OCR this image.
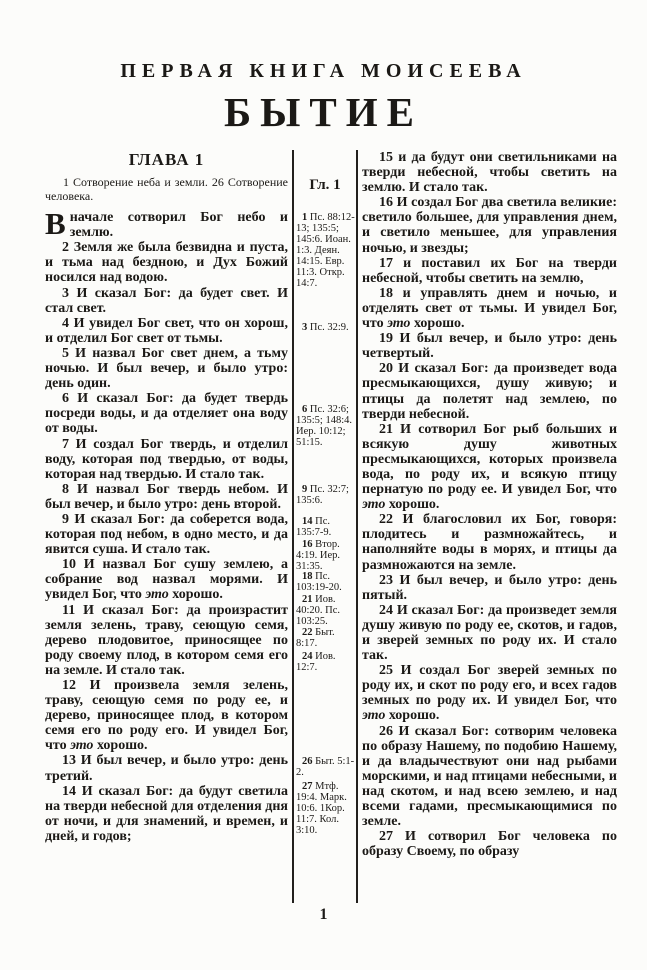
ПЕРВАЯ КНИГА МОИСЕЕВА
БЫТИЕ
ГЛАВА 1

1 Сотворение неба и земли. 26 Сотворение человека.

Вначале сотворил Бог небо и землю.

2 Земля же была безвидна и пуста, и тьма над бездною, и Дух Божий носился над водою.

3 И сказал Бог: да будет свет. И стал свет.

4 И увидел Бог свет, что он хорош, и отделил Бог свет от тьмы.

5 И назвал Бог свет днем, а тьму ночью. И был вечер, и было утро: день один.

6 И сказал Бог: да будет твердь посреди воды, и да отделяет она воду от воды.

7 И создал Бог твердь, и отделил воду, которая под твердью, от воды, которая над твердью. И стало так.

8 И назвал Бог твердь небом. И был вечер, и было утро: день второй.

9 И сказал Бог: да соберется вода, которая под небом, в одно место, и да явится суша. И стало так.

10 И назвал Бог сушу землею, а собрание вод назвал морями. И увидел Бог, что это хорошо.

11 И сказал Бог: да произрастит земля зелень, траву, сеющую семя, дерево плодовитое, приносящее по роду своему плод, в котором семя его на земле. И стало так.

12 И произвела земля зелень, траву, сеющую семя по роду ее, и дерево, приносящее плод, в котором семя его по роду его. И увидел Бог, что это хорошо.

13 И был вечер, и было утро: день третий.

14 И сказал Бог: да будут светила на тверди небесной для отделения дня от ночи, и для знамений, и времен, и дней, и годов;

Гл. 1
1 Пс. 88:12-13; 135:5; 145:6. Иоан. 1:3. Деян. 14:15. Евр. 11:3. Откр. 14:7.
3 Пс. 32:9.
6 Пс. 32:6; 135:5; 148:4. Иер. 10:12; 51:15.
9 Пс. 32:7; 135:6.
14 Пс. 135:7-9.
16 Втор. 4:19. Иер. 31:35.
18 Пс. 103:19-20.
21 Иов. 40:20. Пс. 103:25.
22 Быт. 8:17.
24 Иов. 12:7.
26 Быт. 5:1-2.
27 Мтф. 19:4. Марк. 10:6. 1Кор. 11:7. Кол. 3:10.

15 и да будут они светильниками на тверди небесной, чтобы светить на землю. И стало так.

16 И создал Бог два светила великие: светило большее, для управления днем, и светило меньшее, для управления ночью, и звезды;

17 и поставил их Бог на тверди небесной, чтобы светить на землю,

18 и управлять днем и ночью, и отделять свет от тьмы. И увидел Бог, что это хорошо.

19 И был вечер, и было утро: день четвертый.

20 И сказал Бог: да произведет вода пресмыкающихся, душу живую; и птицы да полетят над землею, по тверди небесной.

21 И сотворил Бог рыб больших и всякую душу животных пресмыкающихся, которых произвела вода, по роду их, и всякую птицу пернатую по роду ее. И увидел Бог, что это хорошо.

22 И благословил их Бог, говоря: плодитесь и размножайтесь, и наполняйте воды в морях, и птицы да размножаются на земле.

23 И был вечер, и было утро: день пятый.

24 И сказал Бог: да произведет земля душу живую по роду ее, скотов, и гадов, и зверей земных по роду их. И стало так.

25 И создал Бог зверей земных по роду их, и скот по роду его, и всех гадов земных по роду их. И увидел Бог, что это хорошо.

26 И сказал Бог: сотворим человека по образу Нашему, по подобию Нашему, и да владычествуют они над рыбами морскими, и над птицами небесными, и над скотом, и над всею землею, и над всеми гадами, пресмыкающимися по земле.

27 И сотворил Бог человека по образу Своему, по образу

1
